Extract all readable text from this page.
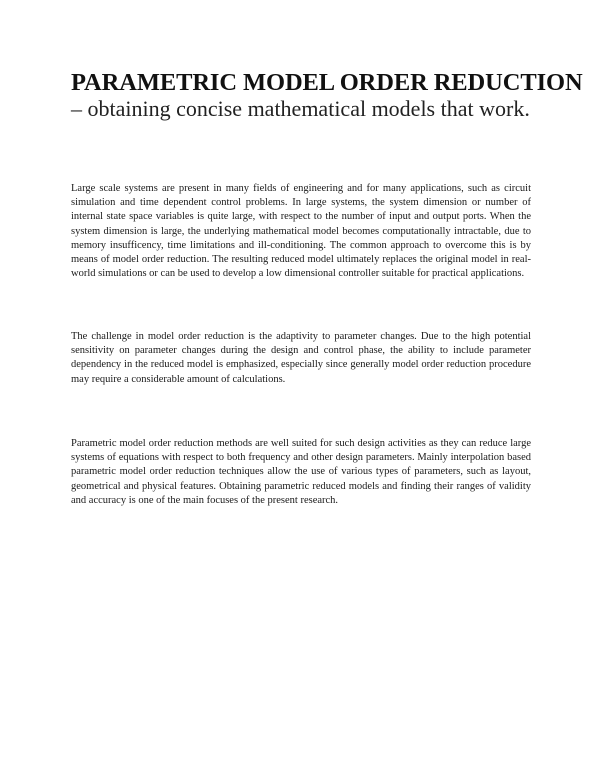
PARAMETRIC MODEL ORDER REDUCTION
– obtaining concise mathematical models that work.

Large scale systems are present in many fields of engineering and for many applications, such as circuit simulation and time dependent control problems. In large systems, the system dimension or number of internal state space variables is quite large, with respect to the number of input and output ports. When the system dimension is large, the underlying mathematical model becomes computationally intractable, due to memory insufficency, time limitations and ill-conditioning. The common approach to overcome this is by means of model order reduction. The resulting reduced model ultimately replaces the original model in real-world simulations or can be used to develop a low dimensional controller suitable for practical applications.

The challenge in model order reduction is the adaptivity to parameter changes. Due to the high potential sensitivity on parameter changes during the design and control phase, the ability to include parameter dependency in the reduced model is emphasized, especially since generally model order reduction procedure may require a considerable amount of calculations.

Parametric model order reduction methods are well suited for such design activities as they can reduce large systems of equations with respect to both frequency and other design parameters. Mainly interpolation based parametric model order reduction techniques allow the use of various types of parameters, such as layout, geometrical and physical features. Obtaining parametric reduced models and finding their ranges of validity and accuracy is one of the main focuses of the present research.
